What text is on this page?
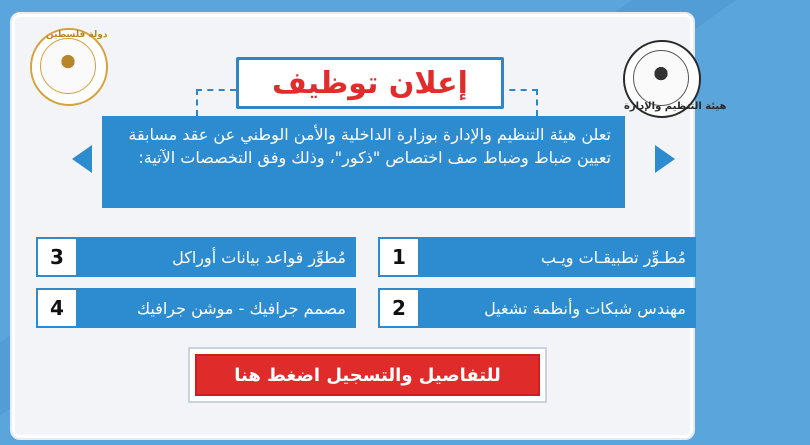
دولة فلسطين
هيئة التنظيم والإدارة
إعلان توظيف
تعلن هيئة التنظيم والإدارة بوزارة الداخلية والأمن الوطني عن عقد مسابقة تعيين ضباط وضباط صف اختصاص "ذكور"، وذلك وفق التخصصات الآتية:
مُطـوِّر تطبيقـات ويـب
1
مهندس شبكات وأنظمة تشغيل
2
مُطوِّر قواعد بيانات أوراكل
3
مصمم جرافيك - موشن جرافيك
4
للتفاصيل والتسجيل اضغط هنا
